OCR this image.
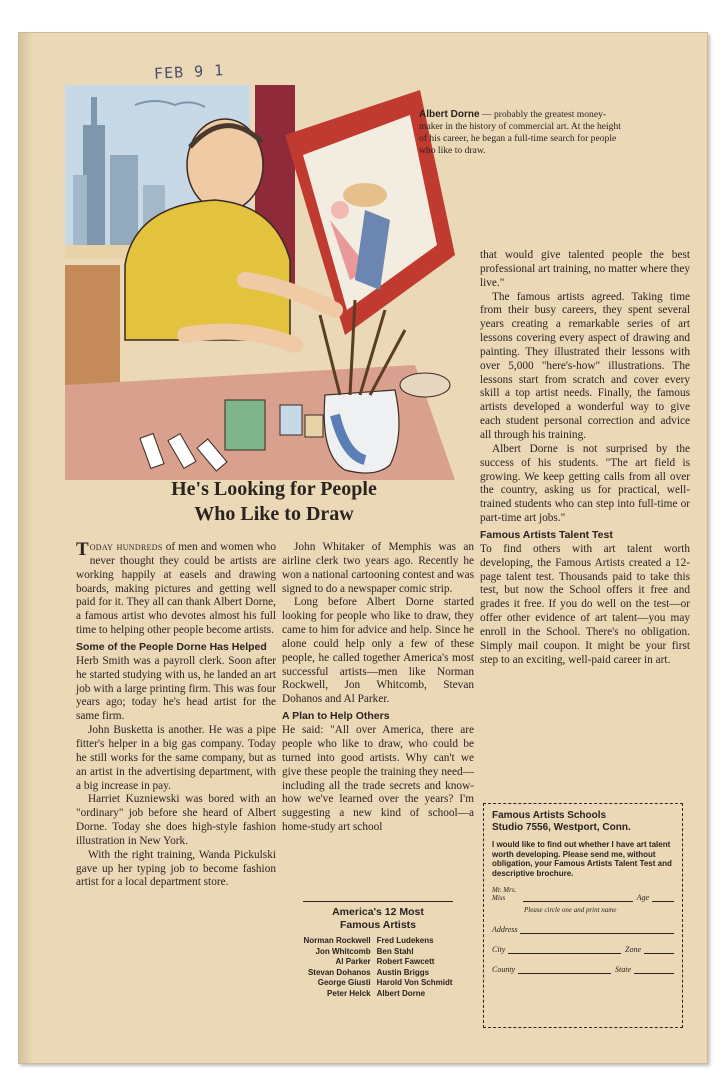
FEB 9 1
Albert Dorne — probably the greatest money-maker in the history of commercial art. At the height of his career, he began a full-time search for people who like to draw.
He's Looking for People
Who Like to Draw

Today hundreds of men and women who never thought they could be artists are working happily at easels and drawing boards, making pictures and getting well paid for it. They all can thank Albert Dorne, a famous artist who devotes almost his full time to helping other people become artists.

Some of the People Dorne Has Helped

Herb Smith was a payroll clerk. Soon after he started studying with us, he landed an art job with a large printing firm. This was four years ago; today he's head artist for the same firm.

John Busketta is another. He was a pipe fitter's helper in a big gas company. Today he still works for the same company, but as an artist in the advertising department, with a big increase in pay.

Harriet Kuzniewski was bored with an "ordinary" job before she heard of Albert Dorne. Today she does high-style fashion illustration in New York.

With the right training, Wanda Pickulski gave up her typing job to become fashion artist for a local department store.

John Whitaker of Memphis was an airline clerk two years ago. Recently he won a national cartooning contest and was signed to do a newspaper comic strip.

Long before Albert Dorne started looking for people who like to draw, they came to him for advice and help. Since he alone could help only a few of these people, he called together America's most successful artists—men like Norman Rockwell, Jon Whitcomb, Stevan Dohanos and Al Parker.

A Plan to Help Others

He said: "All over America, there are people who like to draw, who could be turned into good artists. Why can't we give these people the training they need—including all the trade secrets and know-how we've learned over the years? I'm suggesting a new kind of school—a home-study art school

that would give talented people the best professional art training, no matter where they live."

The famous artists agreed. Taking time from their busy careers, they spent several years creating a remarkable series of art lessons covering every aspect of drawing and painting. They illustrated their lessons with over 5,000 "here's-how" illustrations. The lessons start from scratch and cover every skill a top artist needs. Finally, the famous artists developed a wonderful way to give each student personal correction and advice all through his training.

Albert Dorne is not surprised by the success of his students. "The art field is growing. We keep getting calls from all over the country, asking us for practical, well-trained students who can step into full-time or part-time art jobs."

Famous Artists Talent Test

To find others with art talent worth developing, the Famous Artists created a 12-page talent test. Thousands paid to take this test, but now the School offers it free and grades it free. If you do well on the test—or offer other evidence of art talent—you may enroll in the School. There's no obligation. Simply mail coupon. It might be your first step to an exciting, well-paid career in art.

America's 12 Most
Famous Artists
Norman Rockwell
Jon Whitcomb
Al Parker
Stevan Dohanos
George Giusti
Peter Helck
Fred Ludekens
Ben Stahl
Robert Fawcett
Austin Briggs
Harold Von Schmidt
Albert Dorne
Famous Artists Schools
Studio 7556, Westport, Conn.
I would like to find out whether I have art talent worth developing. Please send me, without obligation, your Famous Artists Talent Test and descriptive brochure.
Mr. Mrs. Miss	Age
Please circle one and print name
Address
City	Zone
County	State
